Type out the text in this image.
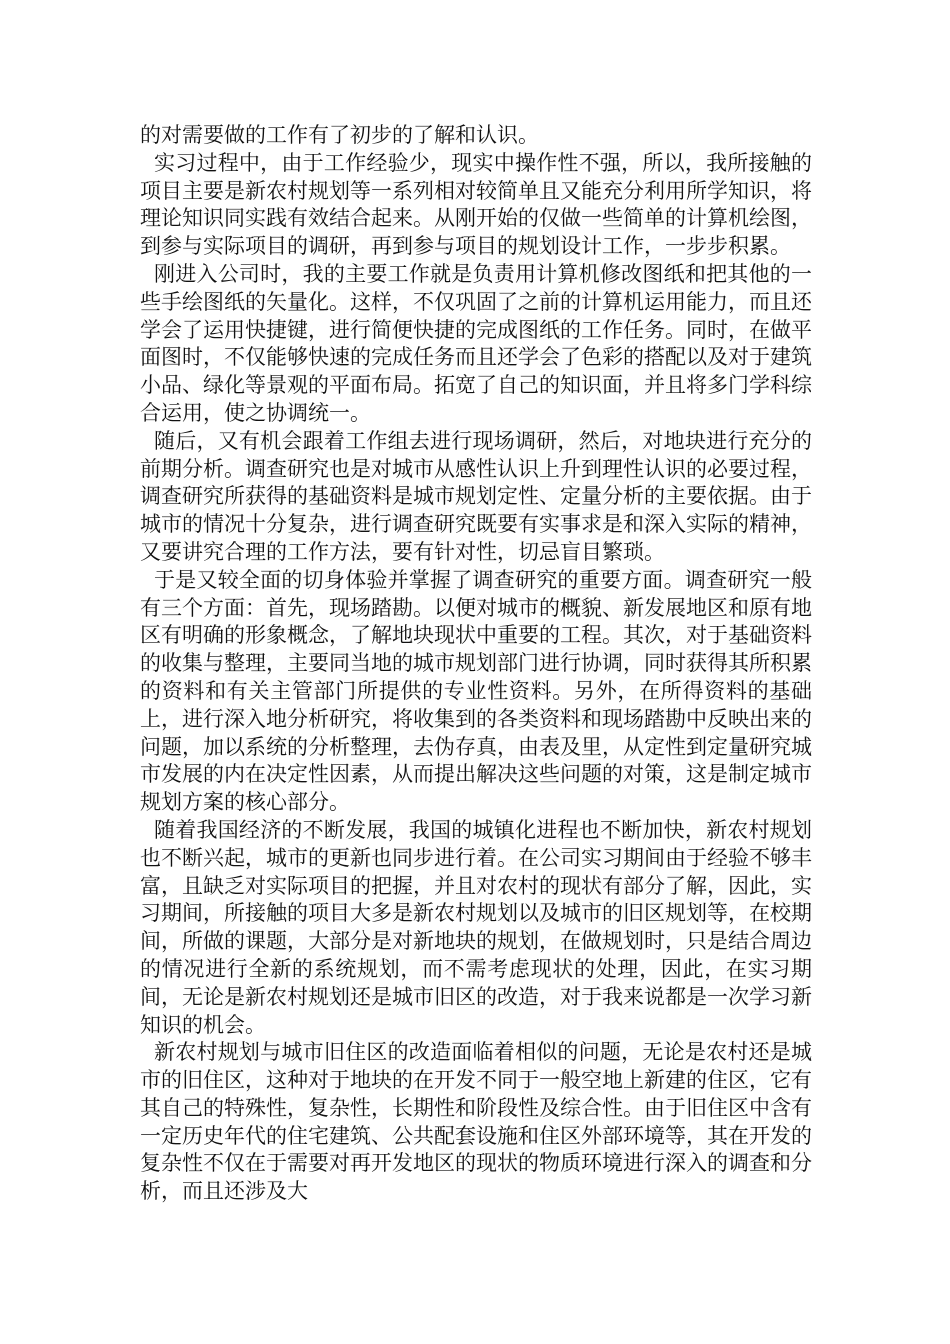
的对需要做的工作有了初步的了解和认识。

实习过程中，由于工作经验少，现实中操作性不强，所以，我所接触的项目主要是新农村规划等一系列相对较简单且又能充分利用所学知识，将理论知识同实践有效结合起来。从刚开始的仅做一些简单的计算机绘图，到参与实际项目的调研，再到参与项目的规划设计工作，一步步积累。

刚进入公司时，我的主要工作就是负责用计算机修改图纸和把其他的一些手绘图纸的矢量化。这样，不仅巩固了之前的计算机运用能力，而且还学会了运用快捷键，进行简便快捷的完成图纸的工作任务。同时，在做平面图时，不仅能够快速的完成任务而且还学会了色彩的搭配以及对于建筑小品、绿化等景观的平面布局。拓宽了自己的知识面，并且将多门学科综合运用，使之协调统一。

随后，又有机会跟着工作组去进行现场调研，然后，对地块进行充分的前期分析。调查研究也是对城市从感性认识上升到理性认识的必要过程，调查研究所获得的基础资料是城市规划定性、定量分析的主要依据。由于城市的情况十分复杂，进行调查研究既要有实事求是和深入实际的精神，又要讲究合理的工作方法，要有针对性，切忌盲目繁琐。

于是又较全面的切身体验并掌握了调查研究的重要方面。调查研究一般有三个方面：首先，现场踏勘。以便对城市的概貌、新发展地区和原有地区有明确的形象概念，了解地块现状中重要的工程。其次，对于基础资料的收集与整理，主要同当地的城市规划部门进行协调，同时获得其所积累的资料和有关主管部门所提供的专业性资料。另外，在所得资料的基础上，进行深入地分析研究，将收集到的各类资料和现场踏勘中反映出来的问题，加以系统的分析整理，去伪存真，由表及里，从定性到定量研究城市发展的内在决定性因素，从而提出解决这些问题的对策，这是制定城市规划方案的核心部分。

随着我国经济的不断发展，我国的城镇化进程也不断加快，新农村规划也不断兴起，城市的更新也同步进行着。在公司实习期间由于经验不够丰富，且缺乏对实际项目的把握，并且对农村的现状有部分了解，因此，实习期间，所接触的项目大多是新农村规划以及城市的旧区规划等，在校期间，所做的课题，大部分是对新地块的规划，在做规划时，只是结合周边的情况进行全新的系统规划，而不需考虑现状的处理，因此，在实习期间，无论是新农村规划还是城市旧区的改造，对于我来说都是一次学习新知识的机会。

新农村规划与城市旧住区的改造面临着相似的问题，无论是农村还是城市的旧住区，这种对于地块的在开发不同于一般空地上新建的住区，它有其自己的特殊性，复杂性，长期性和阶段性及综合性。由于旧住区中含有一定历史年代的住宅建筑、公共配套设施和住区外部环境等，其在开发的复杂性不仅在于需要对再开发地区的现状的物质环境进行深入的调查和分析，而且还涉及大
